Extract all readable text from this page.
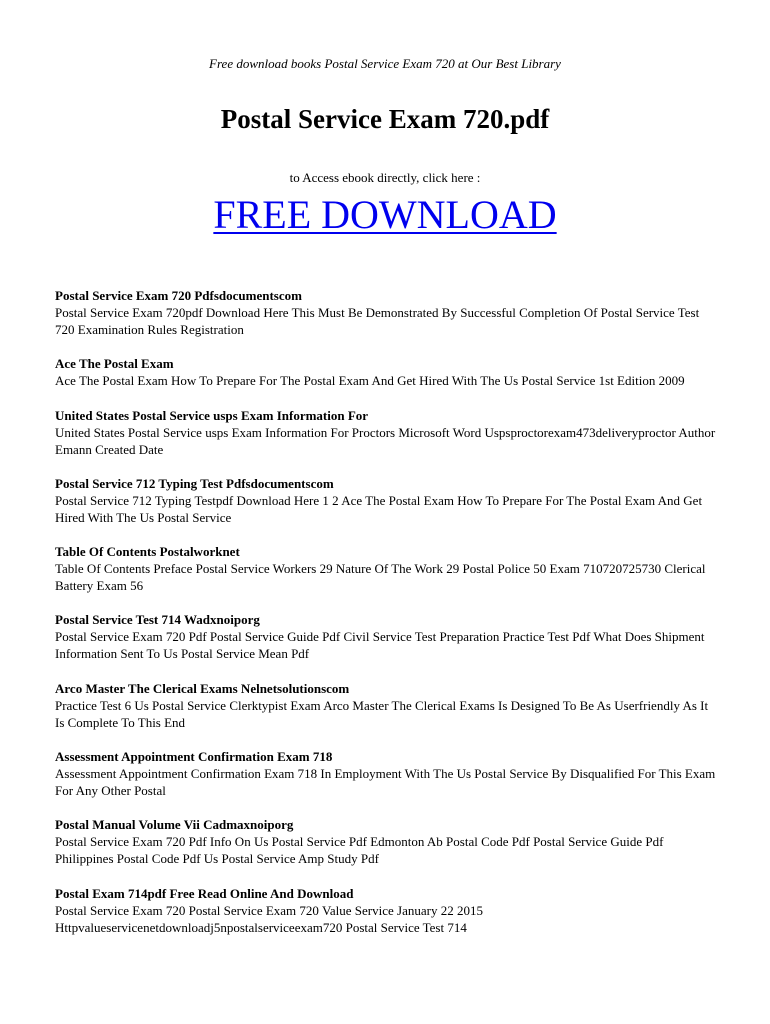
Free download books Postal Service Exam 720 at Our Best Library
Postal Service Exam 720.pdf
to Access ebook directly, click here :
FREE DOWNLOAD
Postal Service Exam 720 Pdfsdocumentscom
Postal Service Exam 720pdf Download Here This Must Be Demonstrated By Successful Completion Of Postal Service Test 720 Examination Rules Registration
Ace The Postal Exam
Ace The Postal Exam How To Prepare For The Postal Exam And Get Hired With The Us Postal Service 1st Edition 2009
United States Postal Service usps Exam Information For
United States Postal Service usps Exam Information For Proctors Microsoft Word Uspsproctorexam473deliveryproctor Author Emann Created Date
Postal Service 712 Typing Test Pdfsdocumentscom
Postal Service 712 Typing Testpdf Download Here 1 2 Ace The Postal Exam How To Prepare For The Postal Exam And Get Hired With The Us Postal Service
Table Of Contents Postalworknet
Table Of Contents Preface Postal Service Workers 29 Nature Of The Work 29 Postal Police 50 Exam 710720725730 Clerical Battery Exam 56
Postal Service Test 714 Wadxnoiporg
Postal Service Exam 720 Pdf Postal Service Guide Pdf Civil Service Test Preparation Practice Test Pdf What Does Shipment Information Sent To Us Postal Service Mean Pdf
Arco Master The Clerical Exams Nelnetsolutionscom
Practice Test 6 Us Postal Service Clerktypist Exam Arco Master The Clerical Exams Is Designed To Be As Userfriendly As It Is Complete To This End
Assessment Appointment Confirmation Exam 718
Assessment Appointment Confirmation Exam 718 In Employment With The Us Postal Service By Disqualified For This Exam For Any Other Postal
Postal Manual Volume Vii Cadmaxnoiporg
Postal Service Exam 720 Pdf Info On Us Postal Service Pdf Edmonton Ab Postal Code Pdf Postal Service Guide Pdf Philippines Postal Code Pdf Us Postal Service Amp Study Pdf
Postal Exam 714pdf Free Read Online And Download
Postal Service Exam 720 Postal Service Exam 720 Value Service January 22 2015 Httpvalueservicenetdownloadj5npostalserviceexam720 Postal Service Test 714
